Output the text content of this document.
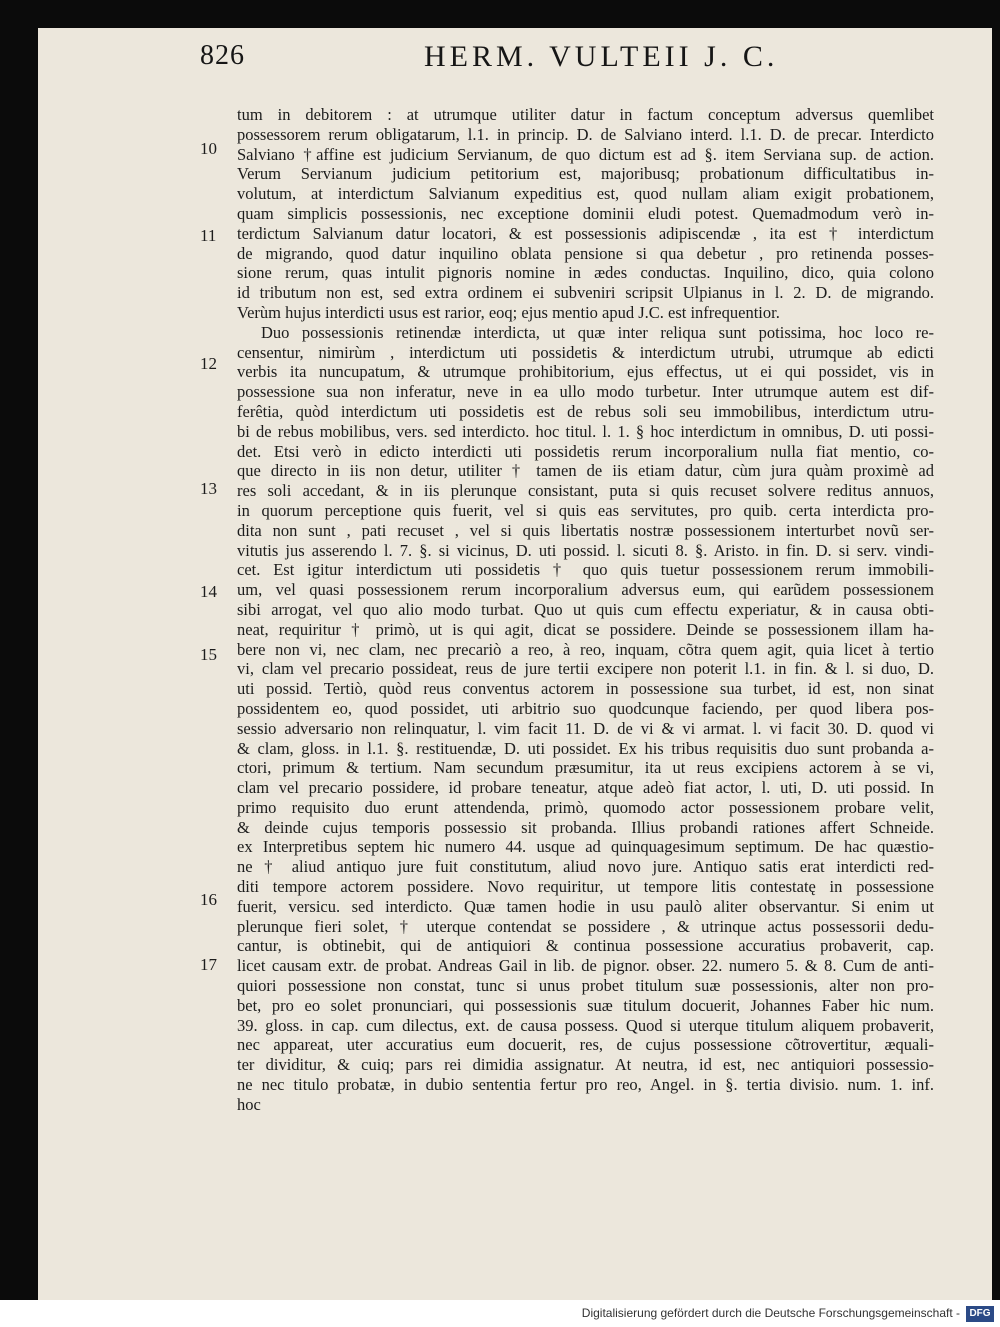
826	HERM. VULTEII J. C.
10
11
12
13
14
15
16
17
tum in debitorem : at utrumque utiliter datur in factum conceptum adversus quemlibet
possessorem rerum obligatarum, l.1. in princip. D. de Salviano interd. l.1. D. de precar. Interdicto
Salviano †affine est judicium Servianum, de quo dictum est ad §. item Serviana sup. de action.
Verum Servianum judicium petitorium est, majoribusq; probationum difficultatibus in-
volutum, at interdictum Salvianum expeditius est, quod nullam aliam exigit probationem,
quam simplicis possessionis, nec exceptione dominii eludi potest. Quemadmodum verò in-
terdictum Salvianum datur locatori, & est possessionis adipiscendæ , ita est † interdictum
de migrando, quod datur inquilino oblata pensione si qua debetur , pro retinenda posses-
sione rerum, quas intulit pignoris nomine in ædes conductas. Inquilino, dico, quia colono
id tributum non est, sed extra ordinem ei subveniri scripsit Ulpianus in l. 2. D. de migrando.
Verùm hujus interdicti usus est rarior, eoq; ejus mentio apud J.C. est infrequentior.
Duo possessionis retinendæ interdicta, ut quæ inter reliqua sunt potissima, hoc loco re-
censentur, nimirùm , interdictum uti possidetis & interdictum utrubi, utrumque ab edicti
verbis ita nuncupatum, & utrumque prohibitorium, ejus effectus, ut ei qui possidet, vis in
possessione sua non inferatur, neve in ea ullo modo turbetur. Inter utrumque autem est dif-
ferêtia, quòd interdictum uti possidetis est de rebus soli seu immobilibus, interdictum utru-
bi de rebus mobilibus, vers. sed interdicto. hoc titul. l. 1. § hoc interdictum in omnibus, D. uti possi-
det. Etsi verò in edicto interdicti uti possidetis rerum incorporalium nulla fiat mentio, co-
que directo in iis non detur, utiliter † tamen de iis etiam datur, cùm jura quàm proximè ad
res soli accedant, & in iis plerunque consistant, puta si quis recuset solvere reditus annuos,
in quorum perceptione quis fuerit, vel si quis eas servitutes, pro quib. certa interdicta pro-
dita non sunt , pati recuset , vel si quis libertatis nostræ possessionem interturbet novũ ser-
vitutis jus asserendo l. 7. §. si vicinus, D. uti possid. l. sicuti 8. §. Aristo. in fin. D. si serv. vindi-
cet. Est igitur interdictum uti possidetis † quo quis tuetur possessionem rerum immobili-
um, vel quasi possessionem rerum incorporalium adversus eum, qui earũdem possessionem
sibi arrogat, vel quo alio modo turbat. Quo ut quis cum effectu experiatur, & in causa obti-
neat, requiritur † primò, ut is qui agit, dicat se possidere. Deinde se possessionem illam ha-
bere non vi, nec clam, nec precariò a reo, à reo, inquam, cõtra quem agit, quia licet à tertio
vi, clam vel precario possideat, reus de jure tertii excipere non poterit l.1. in fin. & l. si duo, D.
uti possid. Tertiò, quòd reus conventus actorem in possessione sua turbet, id est, non sinat
possidentem eo, quod possidet, uti arbitrio suo quodcunque faciendo, per quod libera pos-
sessio adversario non relinquatur, l. vim facit 11. D. de vi & vi armat. l. vi facit 30. D. quod vi
& clam, gloss. in l.1. §. restituendæ, D. uti possidet. Ex his tribus requisitis duo sunt probanda a-
ctori, primum & tertium. Nam secundum præsumitur, ita ut reus excipiens actorem à se vi,
clam vel precario possidere, id probare teneatur, atque adeò fiat actor, l. uti, D. uti possid. In
primo requisito duo erunt attendenda, primò, quomodo actor possessionem probare velit,
& deinde cujus temporis possessio sit probanda. Illius probandi rationes affert Schneide.
ex Interpretibus septem hic numero 44. usque ad quinquagesimum septimum. De hac quæstio-
ne † aliud antiquo jure fuit constitutum, aliud novo jure. Antiquo satis erat interdicti red-
diti tempore actorem possidere. Novo requiritur, ut tempore litis contestatę in possessione
fuerit, versicu. sed interdicto. Quæ tamen hodie in usu paulò aliter observantur. Si enim ut
plerunque fieri solet, † uterque contendat se possidere , & utrinque actus possessorii dedu-
cantur, is obtinebit, qui de antiquiori & continua possessione accuratius probaverit, cap.
licet causam extr. de probat. Andreas Gail in lib. de pignor. obser. 22. numero 5. & 8. Cum de anti-
quiori possessione non constat, tunc si unus probet titulum suæ possessionis, alter non pro-
bet, pro eo solet pronunciari, qui possessionis suæ titulum docuerit, Johannes Faber hic num.
39. gloss. in cap. cum dilectus, ext. de causa possess. Quod si uterque titulum aliquem probaverit,
nec appareat, uter accuratius eum docuerit, res, de cujus possessione cõtrovertitur, æquali-
ter dividitur, & cuiq; pars rei dimidia assignatur. At neutra, id est, nec antiquiori possessio-
ne nec titulo probatæ, in dubio sententia fertur pro reo, Angel. in §. tertia divisio. num. 1. inf.
hoc
Digitalisierung gefördert durch die Deutsche Forschungsgemeinschaft - DFG
